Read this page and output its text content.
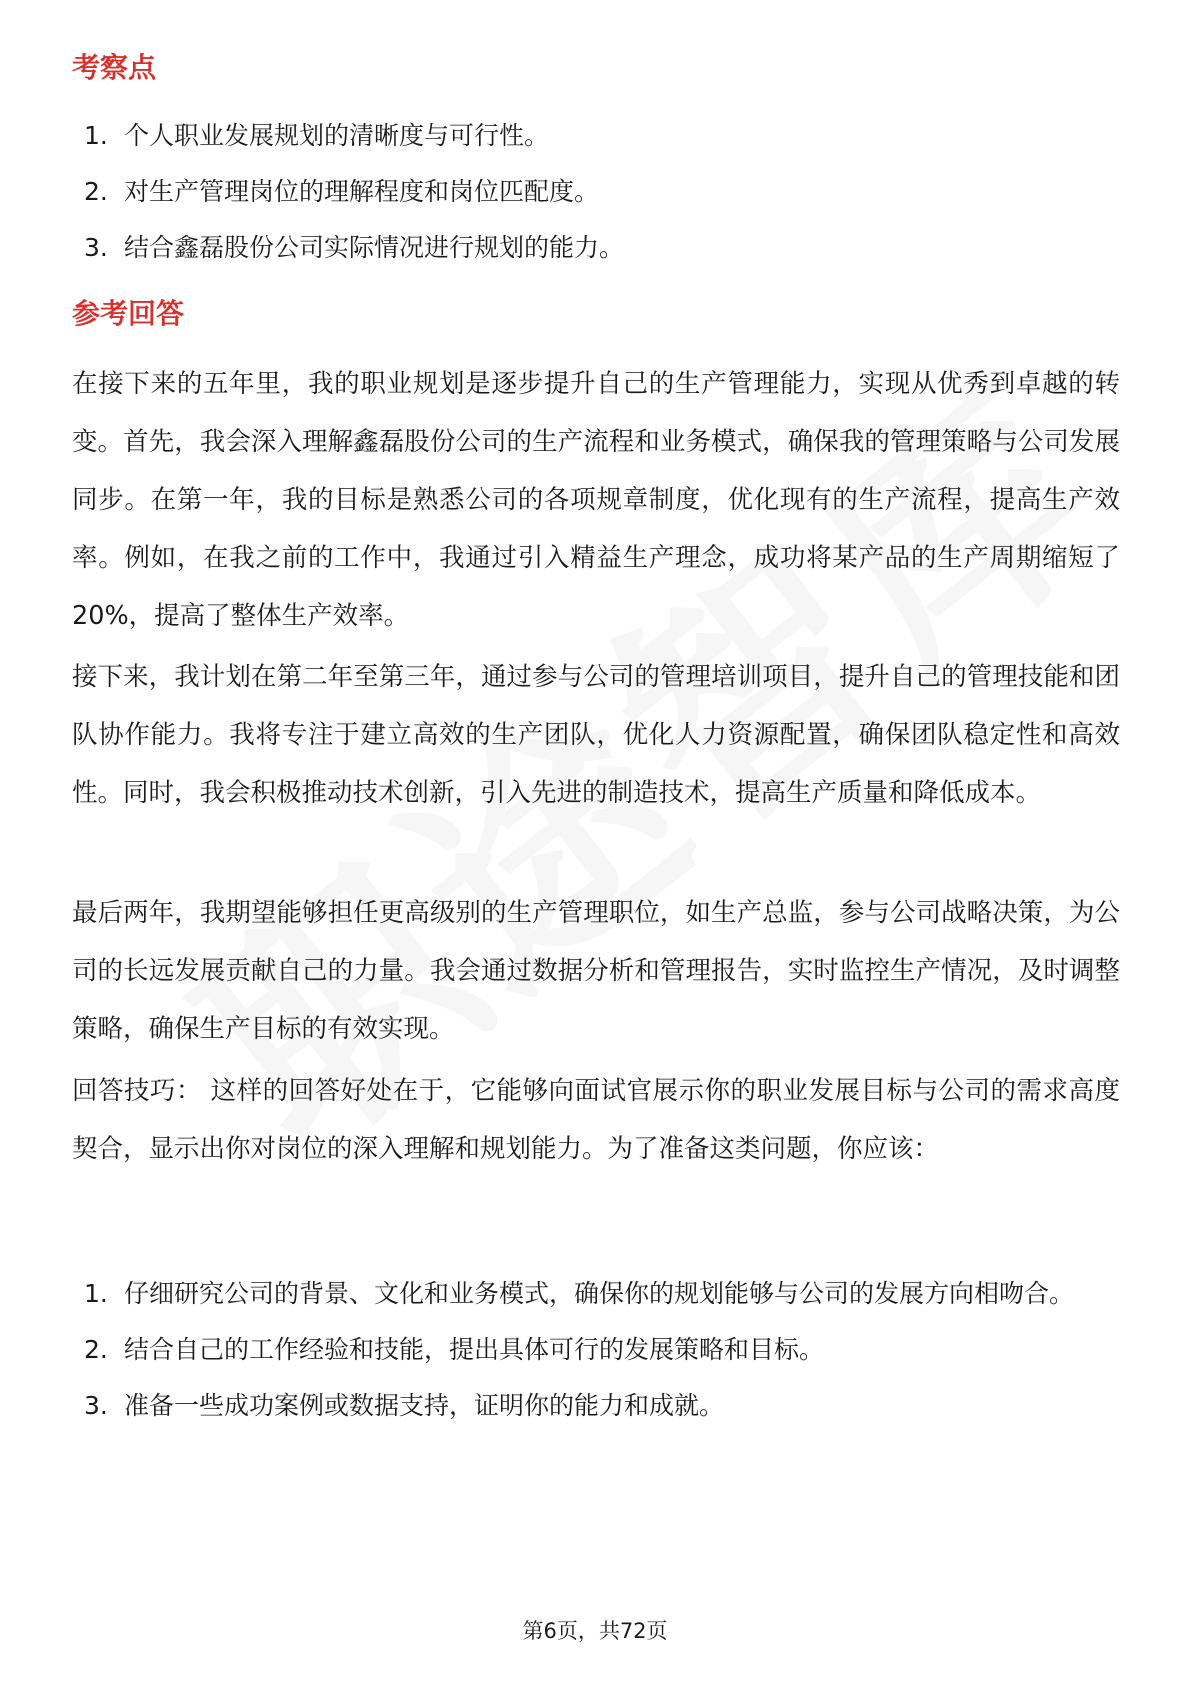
考察点
1. 个人职业发展规划的清晰度与可行性。
2. 对生产管理岗位的理解程度和岗位匹配度。
3. 结合鑫磊股份公司实际情况进行规划的能力。
参考回答

在接下来的五年里，我的职业规划是逐步提升自己的生产管理能力，实现从优秀到卓越的转变。首先，我会深入理解鑫磊股份公司的生产流程和业务模式，确保我的管理策略与公司发展同步。在第一年，我的目标是熟悉公司的各项规章制度，优化现有的生产流程，提高生产效率。例如，在我之前的工作中，我通过引入精益生产理念，成功将某产品的生产周期缩短了20%，提高了整体生产效率。

接下来，我计划在第二年至第三年，通过参与公司的管理培训项目，提升自己的管理技能和团队协作能力。我将专注于建立高效的生产团队，优化人力资源配置，确保团队稳定性和高效性。同时，我会积极推动技术创新，引入先进的制造技术，提高生产质量和降低成本。

最后两年，我期望能够担任更高级别的生产管理职位，如生产总监，参与公司战略决策，为公司的长远发展贡献自己的力量。我会通过数据分析和管理报告，实时监控生产情况，及时调整策略，确保生产目标的有效实现。

回答技巧： 这样的回答好处在于，它能够向面试官展示你的职业发展目标与公司的需求高度契合，显示出你对岗位的深入理解和规划能力。为了准备这类问题，你应该：

1. 仔细研究公司的背景、文化和业务模式，确保你的规划能够与公司的发展方向相吻合。
2. 结合自己的工作经验和技能，提出具体可行的发展策略和目标。
3. 准备一些成功案例或数据支持，证明你的能力和成就。
第6页，共72页
